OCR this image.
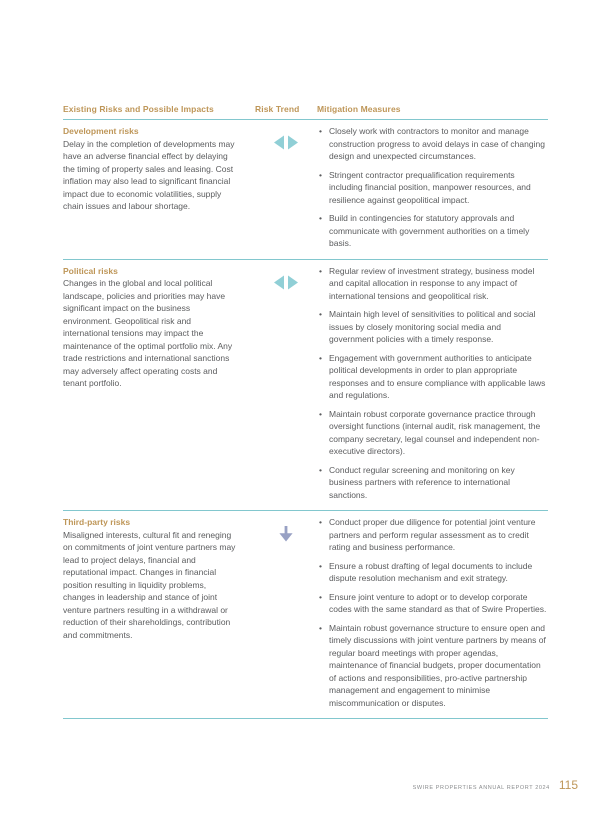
Existing Risks and Possible Impacts	Risk Trend	Mitigation Measures
Development risks
Delay in the completion of developments may have an adverse financial effect by delaying the timing of property sales and leasing. Cost inflation may also lead to significant financial impact due to economic volatilities, supply chain issues and labour shortage.
• Closely work with contractors to monitor and manage construction progress to avoid delays in case of changing design and unexpected circumstances.
• Stringent contractor prequalification requirements including financial position, manpower resources, and resilience against geopolitical impact.
• Build in contingencies for statutory approvals and communicate with government authorities on a timely basis.
Political risks
Changes in the global and local political landscape, policies and priorities may have significant impact on the business environment. Geopolitical risk and international tensions may impact the maintenance of the optimal portfolio mix. Any trade restrictions and international sanctions may adversely affect operating costs and tenant portfolio.
• Regular review of investment strategy, business model and capital allocation in response to any impact of international tensions and geopolitical risk.
• Maintain high level of sensitivities to political and social issues by closely monitoring social media and government policies with a timely response.
• Engagement with government authorities to anticipate political developments in order to plan appropriate responses and to ensure compliance with applicable laws and regulations.
• Maintain robust corporate governance practice through oversight functions (internal audit, risk management, the company secretary, legal counsel and independent non-executive directors).
• Conduct regular screening and monitoring on key business partners with reference to international sanctions.
Third-party risks
Misaligned interests, cultural fit and reneging on commitments of joint venture partners may lead to project delays, financial and reputational impact. Changes in financial position resulting in liquidity problems, changes in leadership and stance of joint venture partners resulting in a withdrawal or reduction of their shareholdings, contribution and commitments.
• Conduct proper due diligence for potential joint venture partners and perform regular assessment as to credit rating and business performance.
• Ensure a robust drafting of legal documents to include dispute resolution mechanism and exit strategy.
• Ensure joint venture to adopt or to develop corporate codes with the same standard as that of Swire Properties.
• Maintain robust governance structure to ensure open and timely discussions with joint venture partners by means of regular board meetings with proper agendas, maintenance of financial budgets, proper documentation of actions and responsibilities, pro-active partnership management and engagement to minimise miscommunication or disputes.
SWIRE PROPERTIES ANNUAL REPORT 2024 115
